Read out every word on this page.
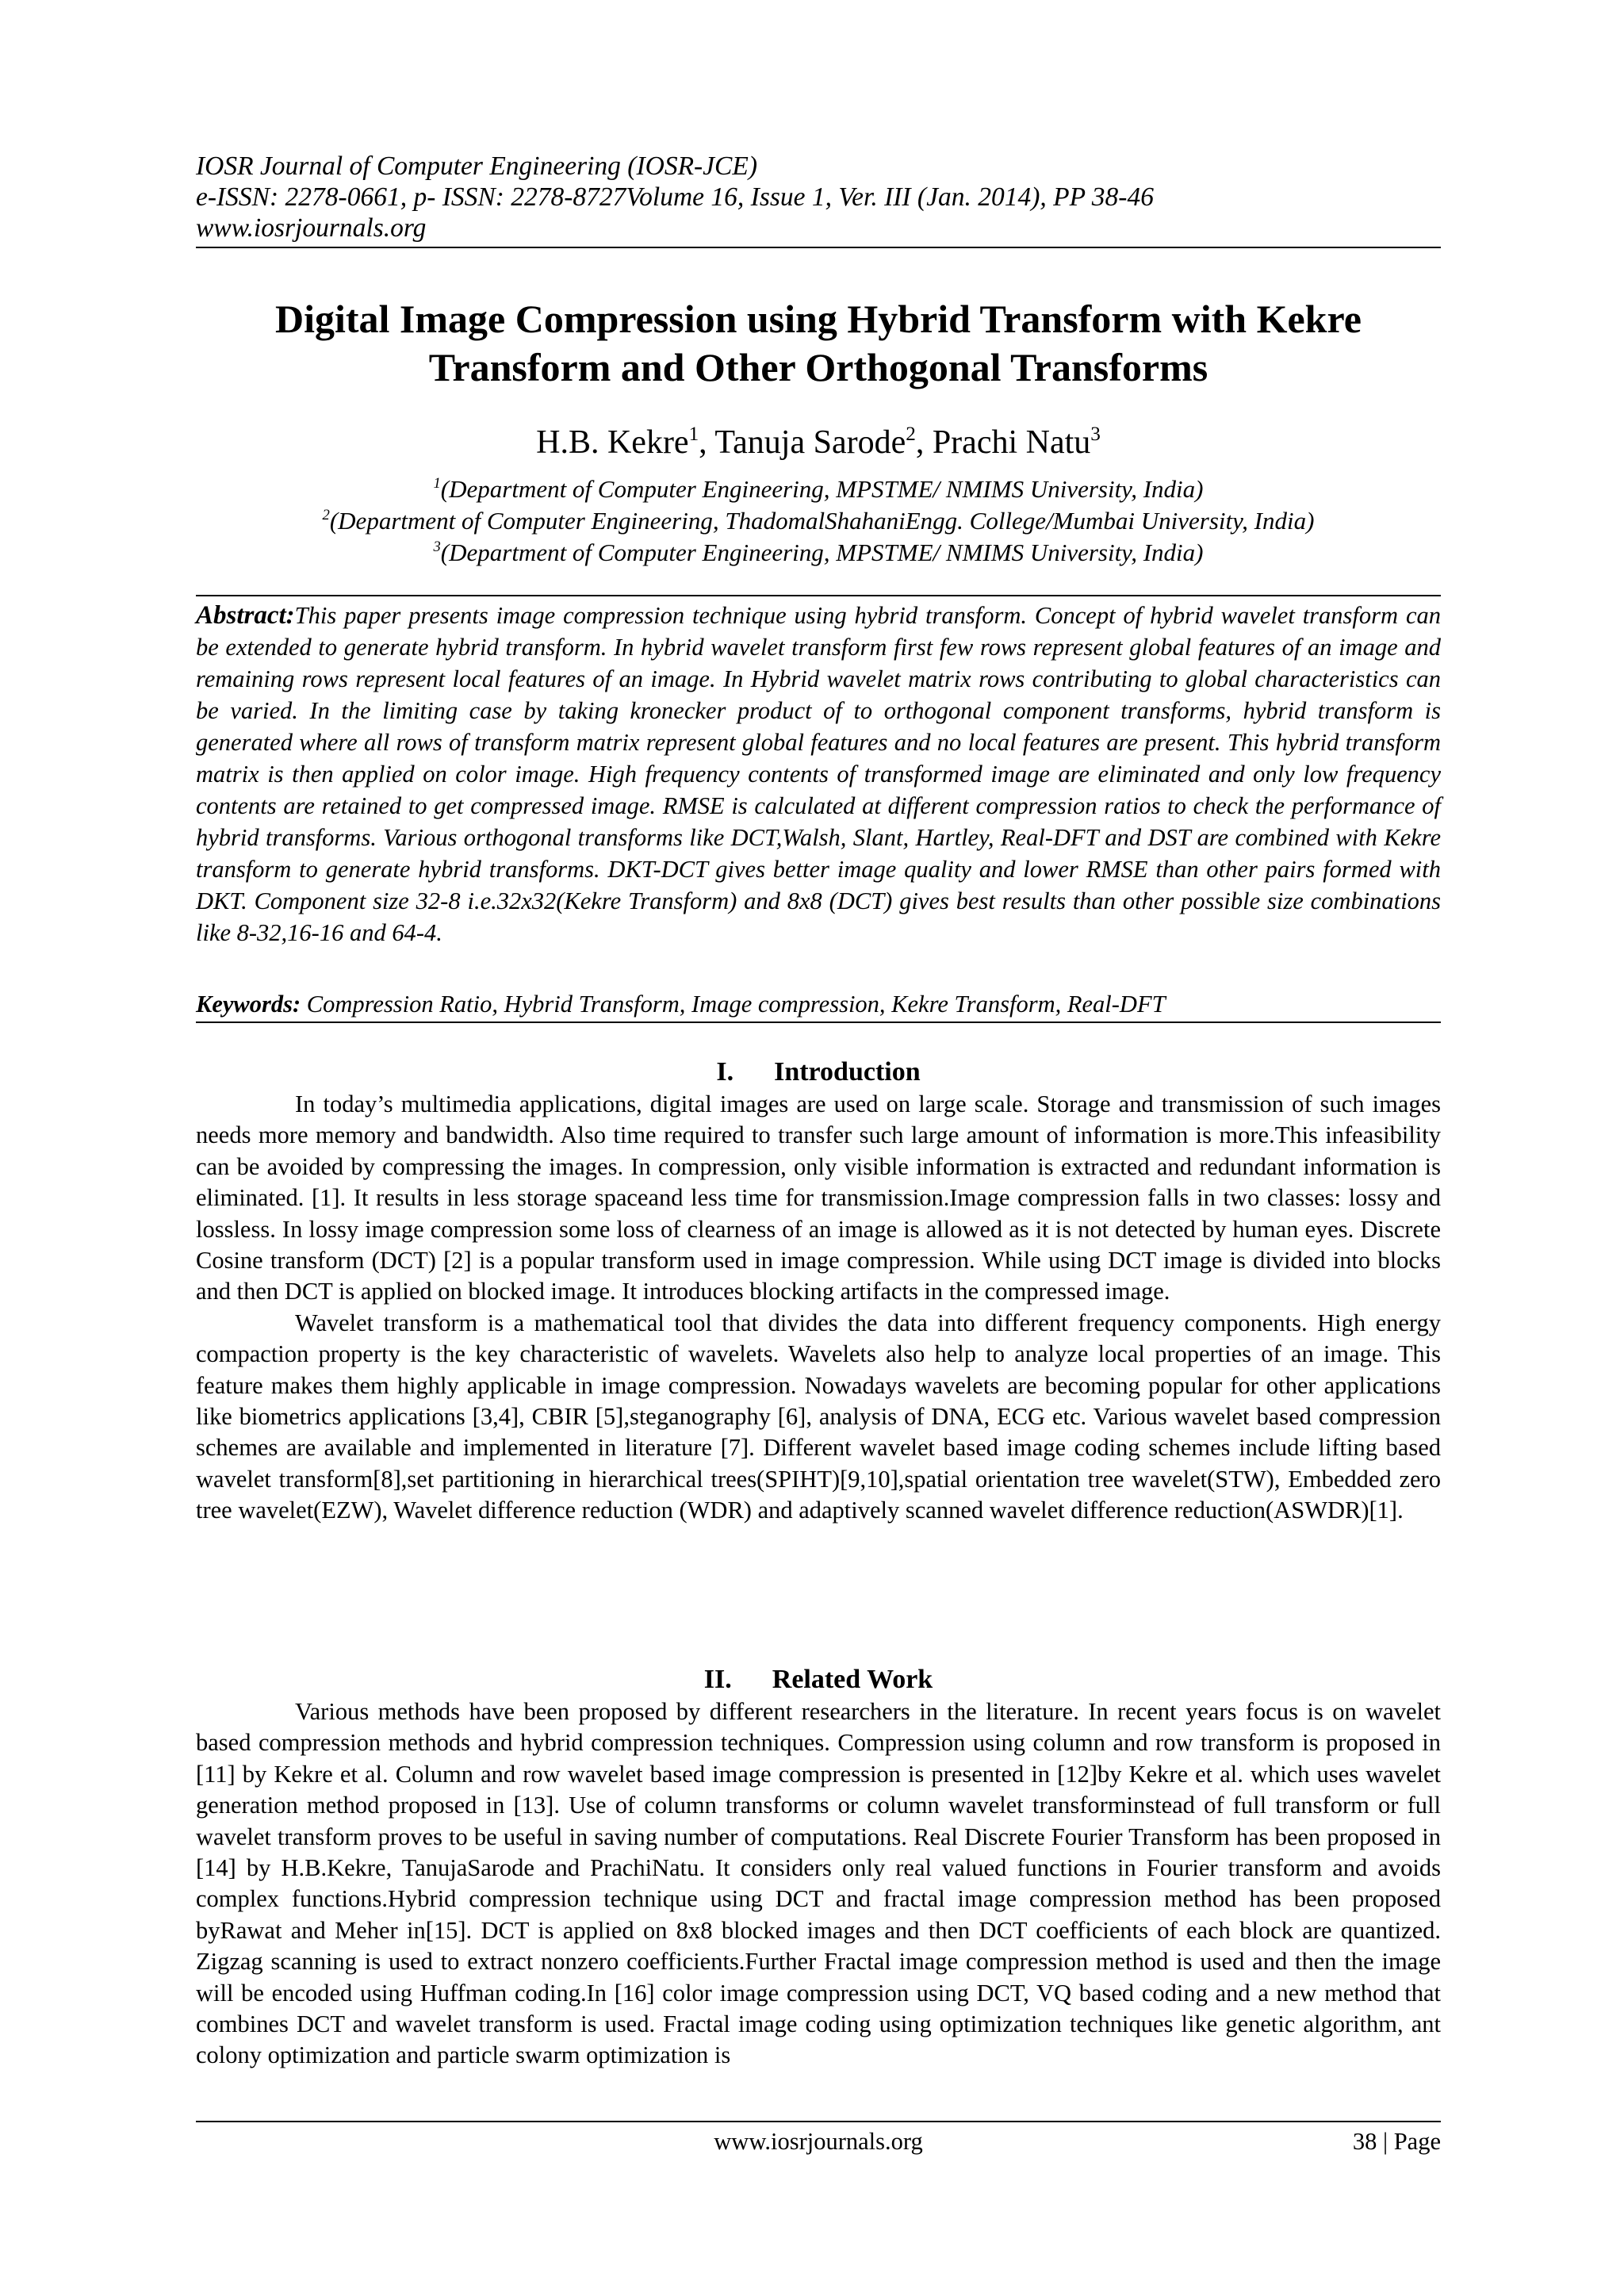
IOSR Journal of Computer Engineering (IOSR-JCE)
e-ISSN: 2278-0661, p- ISSN: 2278-8727Volume 16, Issue 1, Ver. III (Jan. 2014), PP 38-46
www.iosrjournals.org
Digital Image Compression using Hybrid Transform with Kekre
Transform and Other Orthogonal Transforms
H.B. Kekre$^1$, Tanuja Sarode$^2$, Prachi Natu$^3$
$^1$(Department of Computer Engineering, MPSTME/ NMIMS University, India)
$^2$(Department of Computer Engineering, ThadomalShahaniEngg. College/Mumbai University, India)
$^3$(Department of Computer Engineering, MPSTME/ NMIMS University, India)
Abstract:This paper presents image compression technique using hybrid transform. Concept of hybrid wavelet transform can be extended to generate hybrid transform. In hybrid wavelet transform first few rows represent global features of an image and remaining rows represent local features of an image. In Hybrid wavelet matrix rows contributing to global characteristics can be varied. In the limiting case by taking kronecker product of to orthogonal component transforms, hybrid transform is generated where all rows of transform matrix represent global features and no local features are present. This hybrid transform matrix is then applied on color image. High frequency contents of transformed image are eliminated and only low frequency contents are retained to get compressed image. RMSE is calculated at different compression ratios to check the performance of hybrid transforms. Various orthogonal transforms like DCT,Walsh, Slant, Hartley, Real-DFT and DST are combined with Kekre transform to generate hybrid transforms. DKT-DCT gives better image quality and lower RMSE than other pairs formed with DKT. Component size 32-8 i.e.32x32(Kekre Transform) and 8x8 (DCT) gives best results than other possible size combinations like 8-32,16-16 and 64-4.
Keywords: Compression Ratio, Hybrid Transform, Image compression, Kekre Transform, Real-DFT
I. Introduction

In today’s multimedia applications, digital images are used on large scale. Storage and transmission of such images needs more memory and bandwidth. Also time required to transfer such large amount of information is more.This infeasibility can be avoided by compressing the images. In compression, only visible information is extracted and redundant information is eliminated. [1]. It results in less storage spaceand less time for transmission.Image compression falls in two classes: lossy and lossless. In lossy image compression some loss of clearness of an image is allowed as it is not detected by human eyes. Discrete Cosine transform (DCT) [2] is a popular transform used in image compression. While using DCT image is divided into blocks and then DCT is applied on blocked image. It introduces blocking artifacts in the compressed image.

Wavelet transform is a mathematical tool that divides the data into different frequency components. High energy compaction property is the key characteristic of wavelets. Wavelets also help to analyze local properties of an image. This feature makes them highly applicable in image compression. Nowadays wavelets are becoming popular for other applications like biometrics applications [3,4], CBIR [5],steganography [6], analysis of DNA, ECG etc. Various wavelet based compression schemes are available and implemented in literature [7]. Different wavelet based image coding schemes include lifting based wavelet transform[8],set partitioning in hierarchical trees(SPIHT)[9,10],spatial orientation tree wavelet(STW), Embedded zero tree wavelet(EZW), Wavelet difference reduction (WDR) and adaptively scanned wavelet difference reduction(ASWDR)[1].

II. Related Work

Various methods have been proposed by different researchers in the literature. In recent years focus is on wavelet based compression methods and hybrid compression techniques. Compression using column and row transform is proposed in [11] by Kekre et al. Column and row wavelet based image compression is presented in [12]by Kekre et al. which uses wavelet generation method proposed in [13]. Use of column transforms or column wavelet transforminstead of full transform or full wavelet transform proves to be useful in saving number of computations. Real Discrete Fourier Transform has been proposed in [14] by H.B.Kekre, TanujaSarode and PrachiNatu. It considers only real valued functions in Fourier transform and avoids complex functions.Hybrid compression technique using DCT and fractal image compression method has been proposed byRawat and Meher in[15]. DCT is applied on 8x8 blocked images and then DCT coefficients of each block are quantized. Zigzag scanning is used to extract nonzero coefficients.Further Fractal image compression method is used and then the image will be encoded using Huffman coding.In [16] color image compression using DCT, VQ based coding and a new method that combines DCT and wavelet transform is used. Fractal image coding using optimization techniques like genetic algorithm, ant colony optimization and particle swarm optimization is

www.iosrjournals.org	38 | Page
